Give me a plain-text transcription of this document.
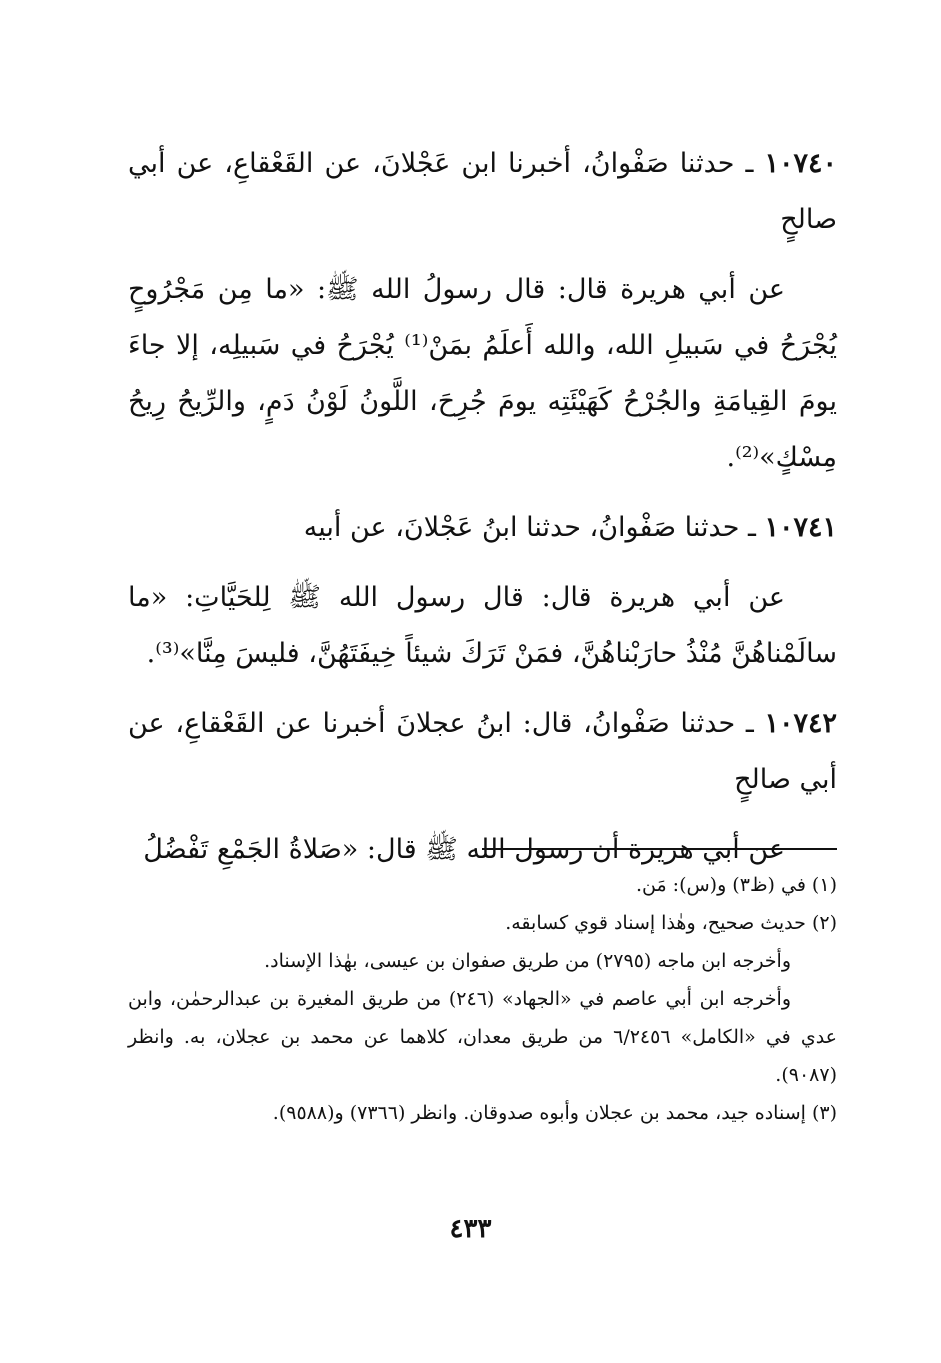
١٠٧٤٠ ـ حدثنا صَفْوانُ، أخبرنا ابن عَجْلانَ، عن القَعْقاعِ، عن أبي صالحٍ

عن أبي هريرة قال: قال رسولُ الله ﷺ: «ما مِن مَجْرُوحٍ يُجْرَحُ في سَبيلِ الله، والله أَعلَمُ بمَنْ⁽¹⁾ يُجْرَحُ في سَبيلِه، إلا جاءَ يومَ القِيامَةِ والجُرْحُ كَهَيْئَتِه يومَ جُرِحَ، اللَّونُ لَوْنُ دَمٍ، والرِّيحُ رِيحُ مِسْكٍ»⁽²⁾.

١٠٧٤١ ـ حدثنا صَفْوانُ، حدثنا ابنُ عَجْلانَ، عن أبيه

عن أبي هريرة قال: قال رسول الله ﷺ لِلحَيَّاتِ: «ما سالَمْناهُنَّ مُنْذُ حارَبْناهُنَّ، فمَنْ تَرَكَ شيئاً خِيفَتَهُنَّ، فليسَ مِنَّا»⁽³⁾.

١٠٧٤٢ ـ حدثنا صَفْوانُ، قال: ابنُ عجلانَ أخبرنا عن القَعْقاعِ، عن أبي صالحٍ

عن أبي هريرة أن رسول الله ﷺ قال: «صَلاةُ الجَمْعِ تَفْضُلُ

(١) في (ظ٣) و(س): مَن.

(٢) حديث صحيح، وهٰذا إسناد قوي كسابقه.

وأخرجه ابن ماجه (٢٧٩٥) من طريق صفوان بن عيسى، بهٰذا الإسناد.

وأخرجه ابن أبي عاصم في «الجهاد» (٢٤٦) من طريق المغيرة بن عبدالرحمٰن، وابن عدي في «الكامل» ٦/٢٤٥٦ من طريق معدان، كلاهما عن محمد بن عجلان، به. وانظر (٩٠٨٧).

(٣) إسناده جيد، محمد بن عجلان وأبوه صدوقان. وانظر (٧٣٦٦) و(٩٥٨٨).

٤٣٣
